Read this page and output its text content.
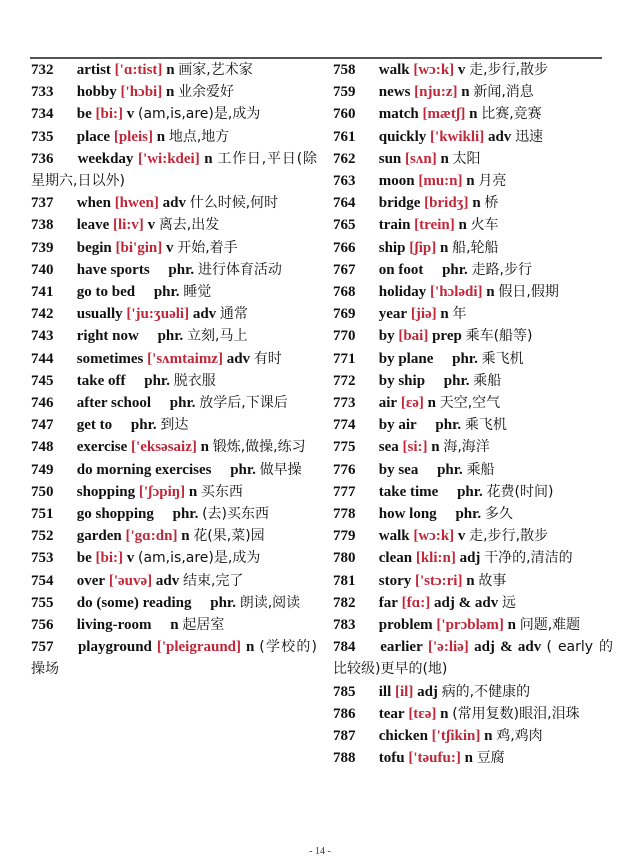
732 artist ['ɑ:tist] n 画家,艺术家
733 hobby ['hɔbi] n 业余爱好
734 be [bi:] v (am,is,are)是,成为
735 place [pleis] n 地点,地方
736 weekday ['wi:kdei] n 工作日,平日(除星期六,日以外)
737 when [hwen] adv 什么时候,何时
738 leave [li:v] v 离去,出发
739 begin [bi'gin] v 开始,着手
740 have sports phr. 进行体育活动
741 go to bed phr. 睡觉
742 usually ['ju:ʒuəli] adv 通常
743 right now phr. 立刻,马上
744 sometimes ['sʌmtaimz] adv 有时
745 take off phr. 脱衣服
746 after school phr. 放学后,下课后
747 get to phr. 到达
748 exercise ['eksəsaiz] n 锻炼,做操,练习
749 do morning exercises phr. 做早操
750 shopping ['ʃɔpiŋ] n 买东西
751 go shopping phr. (去)买东西
752 garden ['gɑ:dn] n 花(果,菜)园
753 be [bi:] v (am,is,are)是,成为
754 over ['əuvə] adv 结束,完了
755 do (some) reading phr. 朗读,阅读
756 living-room n 起居室
757 playground ['pleigraund] n (学校的)操场
758 walk [wɔ:k] v 走,步行,散步
759 news [nju:z] n 新闻,消息
760 match [mætʃ] n 比赛,竞赛
761 quickly ['kwikli] adv 迅速
762 sun [sʌn] n 太阳
763 moon [mu:n] n 月亮
764 bridge [bridʒ] n 桥
765 train [trein] n 火车
766 ship [ʃip] n 船,轮船
767 on foot phr. 走路,步行
768 holiday ['hɔlədi] n 假日,假期
769 year [jiə] n 年
770 by [bai] prep 乘车(船等)
771 by plane phr. 乘飞机
772 by ship phr. 乘船
773 air [ɛə] n 天空,空气
774 by air phr. 乘飞机
775 sea [si:] n 海,海洋
776 by sea phr. 乘船
777 take time phr. 花费(时间)
778 how long phr. 多久
779 walk [wɔ:k] v 走,步行,散步
780 clean [kli:n] adj 干净的,清洁的
781 story ['stɔ:ri] n 故事
782 far [fɑ:] adj & adv 远
783 problem ['prɔbləm] n 问题,难题
784 earlier ['ə:liə] adj & adv ( early 的比较级)更早的(地)
785 ill [il] adj 病的,不健康的
786 tear [tɛə] n (常用复数)眼泪,泪珠
787 chicken ['tʃikin] n 鸡,鸡肉
788 tofu ['təufu:] n 豆腐
- 14 -
